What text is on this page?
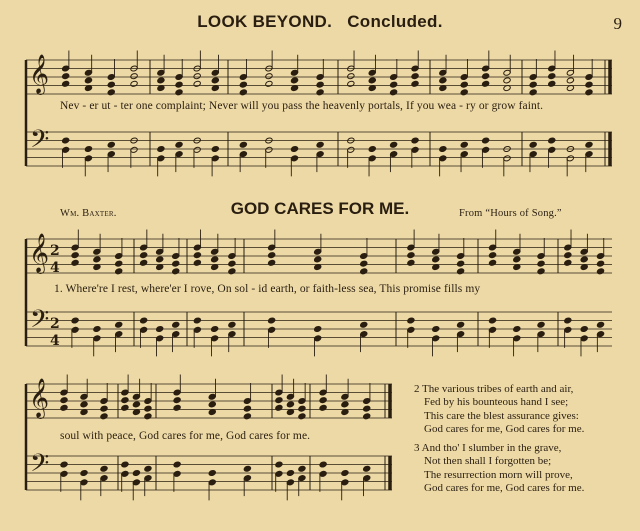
𝄞
𝄢
𝄞
𝄢
2
4
2
4
𝄞
𝄢
LOOK BEYOND. Concluded.	9
Nev - er ut - ter one complaint; Never will you pass the heavenly portals, If you wea - ry or grow faint.
Wm. Baxter.	GOD CARES FOR ME.	From “Hours of Song.”
1. Where're I rest, where'er I rove, On sol - id earth, or faith-less sea, This promise fills my
soul with peace, God cares for me, God cares for me.
2 The various tribes of earth and air,
Fed by his bounteous hand I see;
This care the blest assurance gives:
God cares for me, God cares for me.
3 And tho' I slumber in the grave,
Not then shall I forgotten be;
The resurrection morn will prove,
God cares for me, God cares for me.
